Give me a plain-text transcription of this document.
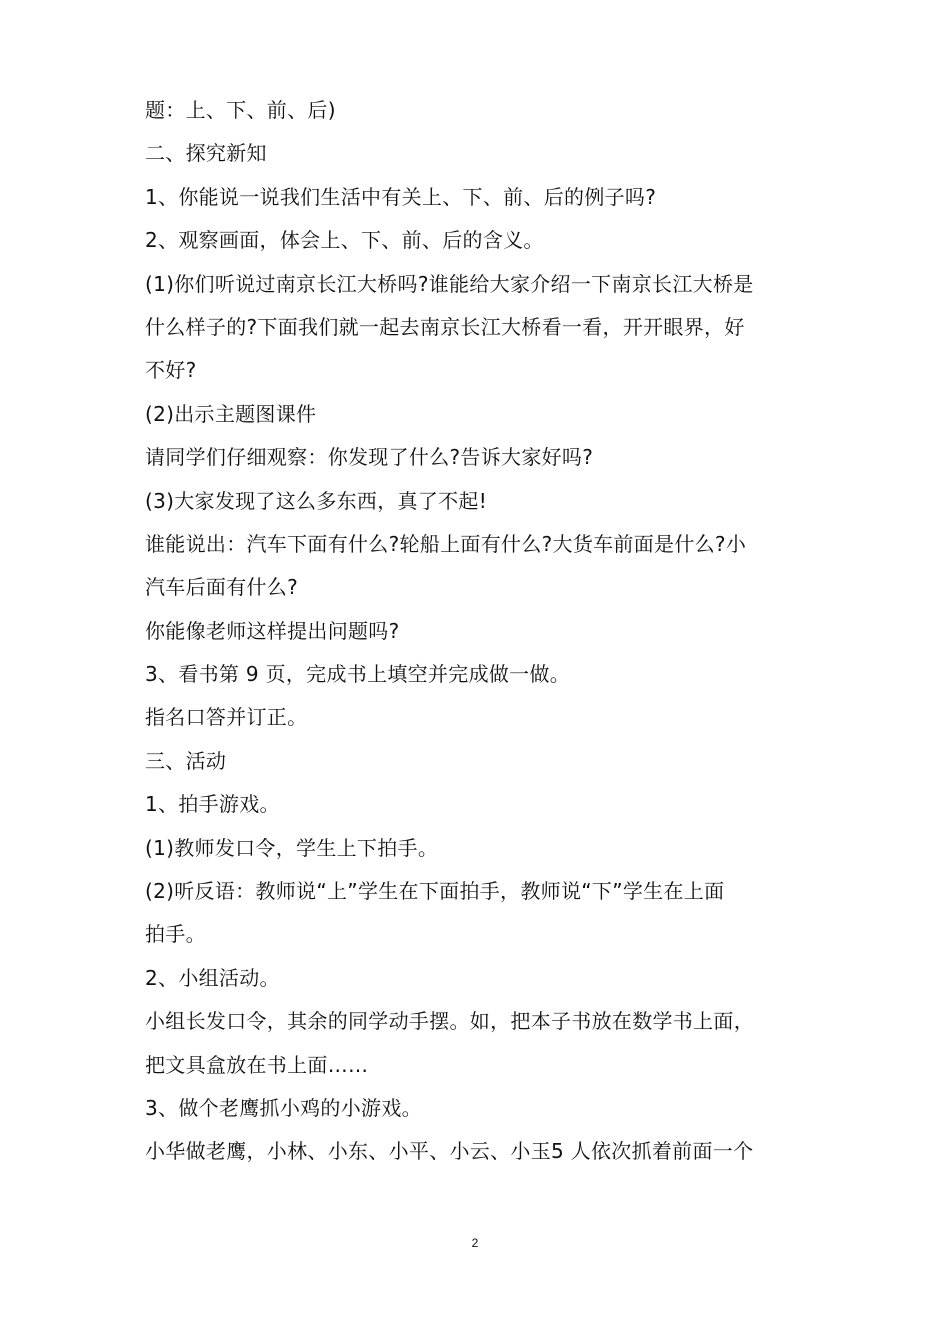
题：上、下、前、后)
二、探究新知
1、你能说一说我们生活中有关上、下、前、后的例子吗?
2、观察画面，体会上、下、前、后的含义。
(1)你们听说过南京长江大桥吗?谁能给大家介绍一下南京长江大桥是
什么样子的?下面我们就一起去南京长江大桥看一看，开开眼界，好
不好?
(2)出示主题图课件
请同学们仔细观察：你发现了什么?告诉大家好吗?
(3)大家发现了这么多东西，真了不起!
谁能说出：汽车下面有什么?轮船上面有什么?大货车前面是什么?小
汽车后面有什么?
你能像老师这样提出问题吗?
3、看书第 9 页，完成书上填空并完成做一做。
指名口答并订正。
三、活动
1、拍手游戏。
(1)教师发口令，学生上下拍手。
(2)听反语：教师说“上”学生在下面拍手，教师说“下”学生在上面
拍手。
2、小组活动。
小组长发口令，其余的同学动手摆。如，把本子书放在数学书上面，
把文具盒放在书上面……
3、做个老鹰抓小鸡的小游戏。
小华做老鹰，小林、小东、小平、小云、小玉5 人依次抓着前面一个
2
